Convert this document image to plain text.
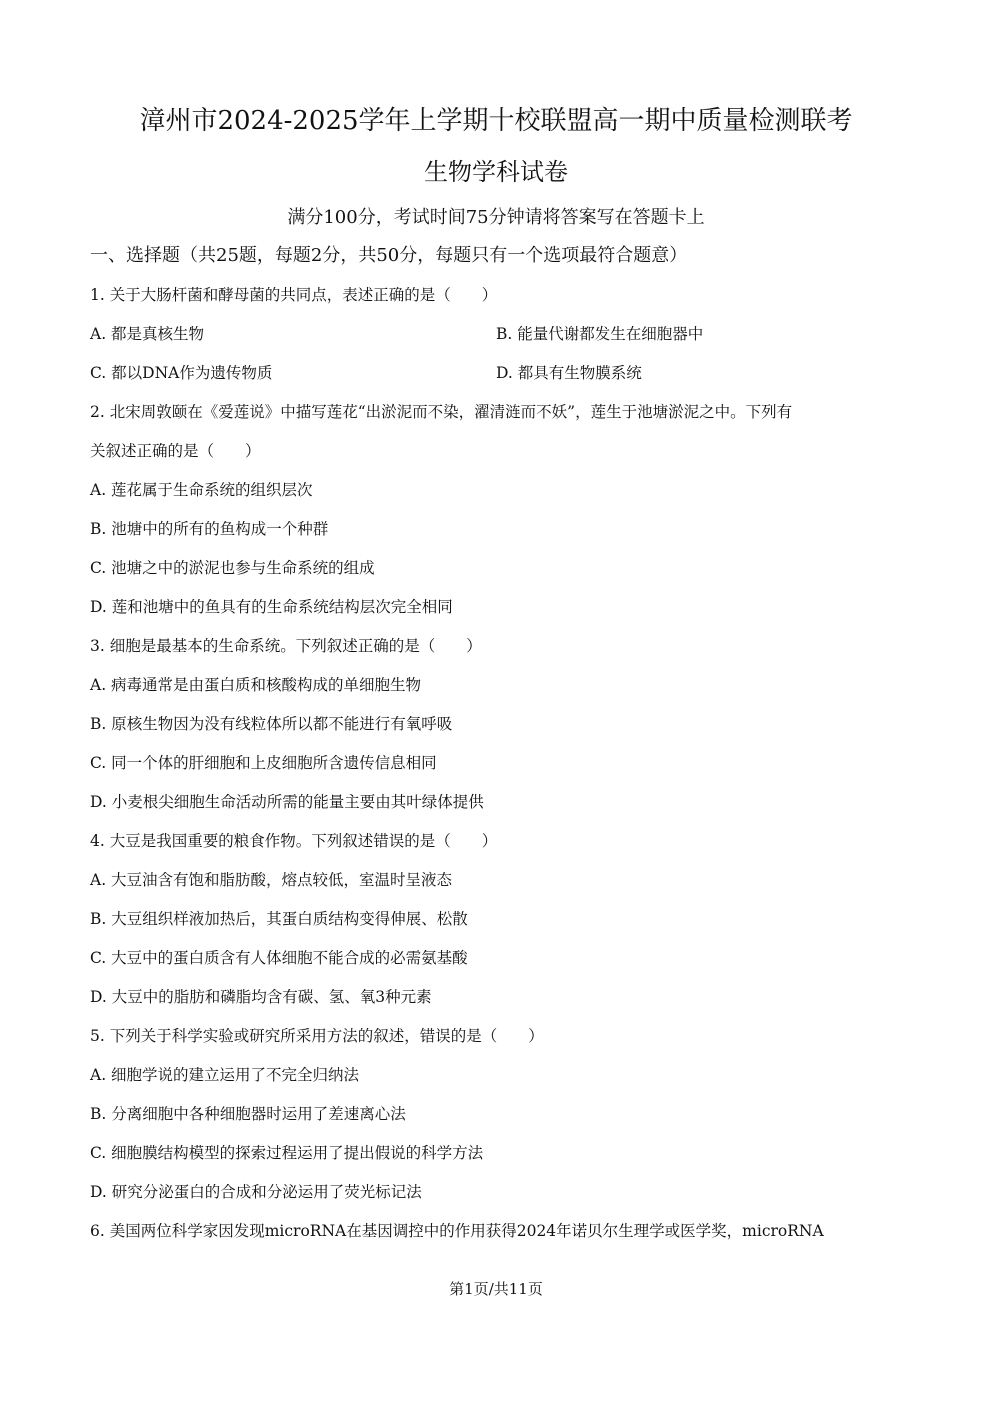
漳州市2024-2025学年上学期十校联盟高一期中质量检测联考
生物学科试卷
满分100分，考试时间75分钟请将答案写在答题卡上
一、选择题（共25题，每题2分，共50分，每题只有一个选项最符合题意）
1. 关于大肠杆菌和酵母菌的共同点，表述正确的是（　　）
A. 都是真核生物	B. 能量代谢都发生在细胞器中
C. 都以DNA作为遗传物质	D. 都具有生物膜系统
2. 北宋周敦颐在《爱莲说》中描写莲花“出淤泥而不染，濯清涟而不妖”，莲生于池塘淤泥之中。下列有
关叙述正确的是（　　）
A. 莲花属于生命系统的组织层次
B. 池塘中的所有的鱼构成一个种群
C. 池塘之中的淤泥也参与生命系统的组成
D. 莲和池塘中的鱼具有的生命系统结构层次完全相同
3. 细胞是最基本的生命系统。下列叙述正确的是（　　）
A. 病毒通常是由蛋白质和核酸构成的单细胞生物
B. 原核生物因为没有线粒体所以都不能进行有氧呼吸
C. 同一个体的肝细胞和上皮细胞所含遗传信息相同
D. 小麦根尖细胞生命活动所需的能量主要由其叶绿体提供
4. 大豆是我国重要的粮食作物。下列叙述错误的是（　　）
A. 大豆油含有饱和脂肪酸，熔点较低，室温时呈液态
B. 大豆组织样液加热后，其蛋白质结构变得伸展、松散
C. 大豆中的蛋白质含有人体细胞不能合成的必需氨基酸
D. 大豆中的脂肪和磷脂均含有碳、氢、氧3种元素
5. 下列关于科学实验或研究所采用方法的叙述，错误的是（　　）
A. 细胞学说的建立运用了不完全归纳法
B. 分离细胞中各种细胞器时运用了差速离心法
C. 细胞膜结构模型的探索过程运用了提出假说的科学方法
D. 研究分泌蛋白的合成和分泌运用了荧光标记法
6. 美国两位科学家因发现microRNA在基因调控中的作用获得2024年诺贝尔生理学或医学奖，microRNA
第1页/共11页
